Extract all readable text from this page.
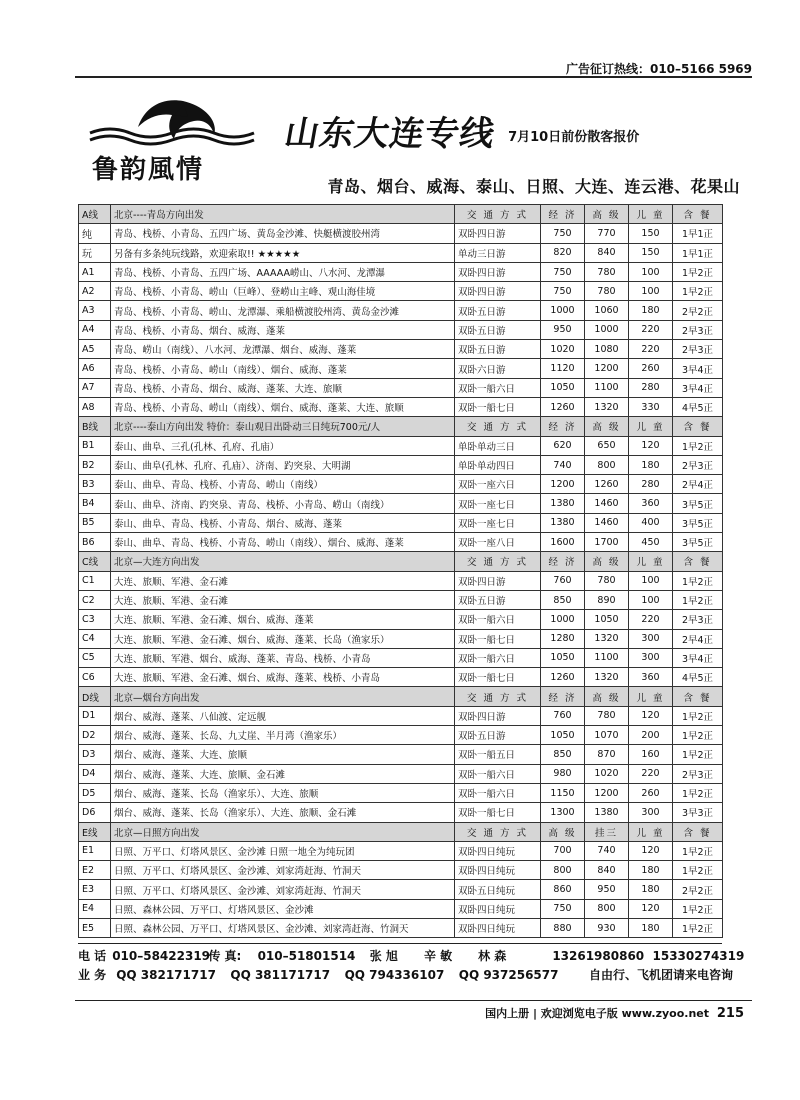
广告征订热线：010–5166 5969
鲁韵風情
山东大连专线 7月10日前份散客报价
青岛、烟台、威海、泰山、日照、大连、连云港、花果山
A线	北京----青岛方向出发	交 通 方 式	经 济	高 级	儿 童	含 餐
纯	青岛、栈桥、小青岛、五四广场、黄岛金沙滩、快艇横渡胶州湾	双卧四日游	750	770	150	1早1正
玩	另备有多条纯玩线路，欢迎索取!! ★★★★★	单动三日游	820	840	150	1早1正
A1	青岛、栈桥、小青岛、五四广场、AAAAA崂山、八水河、龙潭瀑	双卧四日游	750	780	100	1早2正
A2	青岛、栈桥、小青岛、崂山（巨峰）、登崂山主峰、观山海佳境	双卧四日游	750	780	100	1早2正
A3	青岛、栈桥、小青岛、崂山、龙潭瀑、乘船横渡胶州湾、黄岛金沙滩	双卧五日游	1000	1060	180	2早2正
A4	青岛、栈桥、小青岛、烟台、威海、蓬莱	双卧五日游	950	1000	220	2早3正
A5	青岛、崂山（南线）、八水河、龙潭瀑、烟台、威海、蓬莱	双卧五日游	1020	1080	220	2早3正
A6	青岛、栈桥、小青岛、崂山（南线）、烟台、威海、蓬莱	双卧六日游	1120	1200	260	3早4正
A7	青岛、栈桥、小青岛、烟台、威海、蓬莱、大连、旅顺	双卧一船六日	1050	1100	280	3早4正
A8	青岛、栈桥、小青岛、崂山（南线）、烟台、威海、蓬莱、大连、旅顺	双卧一船七日	1260	1320	330	4早5正
B线	北京----泰山方向出发 特价：泰山观日出卧动三日纯玩700元/人	交 通 方 式	经 济	高 级	儿 童	含 餐
B1	泰山、曲阜、三孔(孔林、孔府、孔庙）	单卧单动三日	620	650	120	1早2正
B2	泰山、曲阜(孔林、孔府、孔庙）、济南、趵突泉、大明湖	单卧单动四日	740	800	180	2早3正
B3	泰山、曲阜、青岛、栈桥、小青岛、崂山（南线）	双卧一座六日	1200	1260	280	2早4正
B4	泰山、曲阜、济南、趵突泉、青岛、栈桥、小青岛、崂山（南线）	双卧一座七日	1380	1460	360	3早5正
B5	泰山、曲阜、青岛、栈桥、小青岛、烟台、威海、蓬莱	双卧一座七日	1380	1460	400	3早5正
B6	泰山、曲阜、青岛、栈桥、小青岛、崂山（南线）、烟台、威海、蓬莱	双卧一座八日	1600	1700	450	3早5正
C线	北京—大连方向出发	交 通 方 式	经 济	高 级	儿 童	含 餐
C1	大连、旅顺、军港、金石滩	双卧四日游	760	780	100	1早2正
C2	大连、旅顺、军港、金石滩	双卧五日游	850	890	100	1早2正
C3	大连、旅顺、军港、金石滩、烟台、威海、蓬莱	双卧一船六日	1000	1050	220	2早3正
C4	大连、旅顺、军港、金石滩、烟台、威海、蓬莱、长岛（渔家乐）	双卧一船七日	1280	1320	300	2早4正
C5	大连、旅顺、军港、烟台、威海、蓬莱、青岛、栈桥、小青岛	双卧一船六日	1050	1100	300	3早4正
C6	大连、旅顺、军港、金石滩、烟台、威海、蓬莱、栈桥、小青岛	双卧一船七日	1260	1320	360	4早5正
D线	北京—烟台方向出发	交 通 方 式	经 济	高 级	儿 童	含 餐
D1	烟台、威海、蓬莱、八仙渡、定远舰	双卧四日游	760	780	120	1早2正
D2	烟台、威海、蓬莱、长岛、九丈崖、半月湾（渔家乐）	双卧五日游	1050	1070	200	1早2正
D3	烟台、威海、蓬莱、大连、旅顺	双卧一船五日	850	870	160	1早2正
D4	烟台、威海、蓬莱、大连、旅顺、金石滩	双卧一船六日	980	1020	220	2早3正
D5	烟台、威海、蓬莱、长岛（渔家乐）、大连、旅顺	双卧一船六日	1150	1200	260	1早2正
D6	烟台、威海、蓬莱、长岛（渔家乐）、大连、旅顺、金石滩	双卧一船七日	1300	1380	300	3早3正
E线	北京—日照方向出发	交 通 方 式	高 级	挂三	儿 童	含 餐
E1	日照、万平口、灯塔风景区、金沙滩 日照一地全为纯玩团	双卧四日纯玩	700	740	120	1早2正
E2	日照、万平口、灯塔风景区、金沙滩、刘家湾赶海、竹洞天	双卧四日纯玩	800	840	180	1早2正
E3	日照、万平口、灯塔风景区、金沙滩、刘家湾赶海、竹洞天	双卧五日纯玩	860	950	180	2早2正
E4	日照、森林公园、万平口、灯塔风景区、金沙滩	双卧四日纯玩	750	800	120	1早2正
E5	日照、森林公园、万平口、灯塔风景区、金沙滩、刘家湾赶海、竹洞天	双卧四日纯玩	880	930	180	1早2正
电 话 010–58422319 传 真: 010–51801514 张 旭 辛 敏 林 森	13261980860 15330274319
业 务 QQ 382171717 QQ 381171717 QQ 794336107 QQ 937256577	自由行、飞机团请来电咨询
国内上册 | 欢迎浏览电子版 www.zyoo.net 215
